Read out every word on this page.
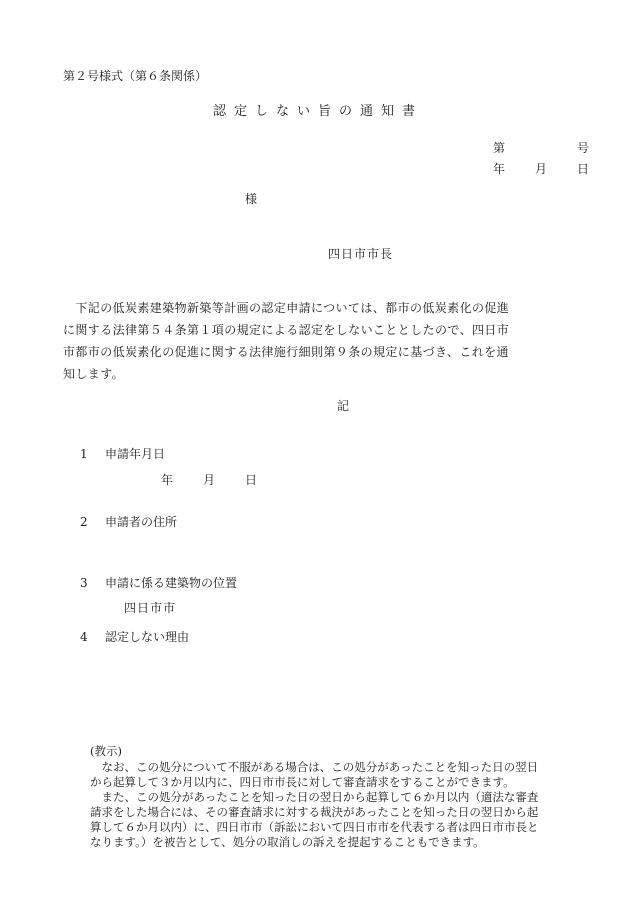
第２号様式（第６条関係）
認定しない旨の通知書
第	号
年 月 日
様
四日市市長
　下記の低炭素建築物新築等計画の認定申請については、都市の低炭素化の促進
に関する法律第５４条第１項の規定による認定をしないこととしたので、四日市
市都市の低炭素化の促進に関する法律施行細則第９条の規定に基づき、これを通
知します。
記
1 申請年月日
年 月 日
2 申請者の住所
3 申請に係る建築物の位置
四日市市
4 認定しない理由
(教示)
　なお、この処分について不服がある場合は、この処分があったことを知った日の翌日
から起算して３か月以内に、四日市市長に対して審査請求をすることができます。
　また、この処分があったことを知った日の翌日から起算して６か月以内（適法な審査
請求をした場合には、その審査請求に対する裁決があったことを知った日の翌日から起
算して６か月以内）に、四日市市（訴訟において四日市市を代表する者は四日市市長と
なります。）を被告として、処分の取消しの訴えを提起することもできます。
